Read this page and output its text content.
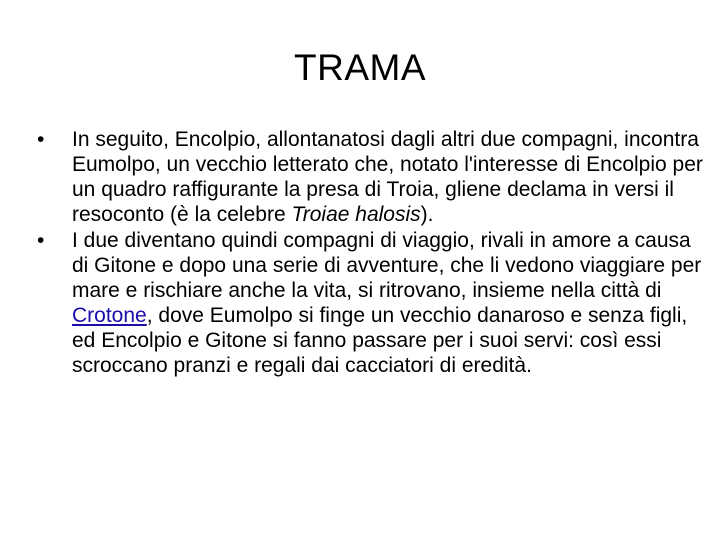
TRAMA
• In seguito, Encolpio, allontanatosi dagli altri due compagni, incontra Eumolpo, un vecchio letterato che, notato l'interesse di Encolpio per un quadro raffigurante la presa di Troia, gliene declama in versi il resoconto (è la celebre Troiae halosis).
• I due diventano quindi compagni di viaggio, rivali in amore a causa di Gitone e dopo una serie di avventure, che li vedono viaggiare per mare e rischiare anche la vita, si ritrovano, insieme nella città di Crotone, dove Eumolpo si finge un vecchio danaroso e senza figli, ed Encolpio e Gitone si fanno passare per i suoi servi: così essi scroccano pranzi e regali dai cacciatori di eredità.
